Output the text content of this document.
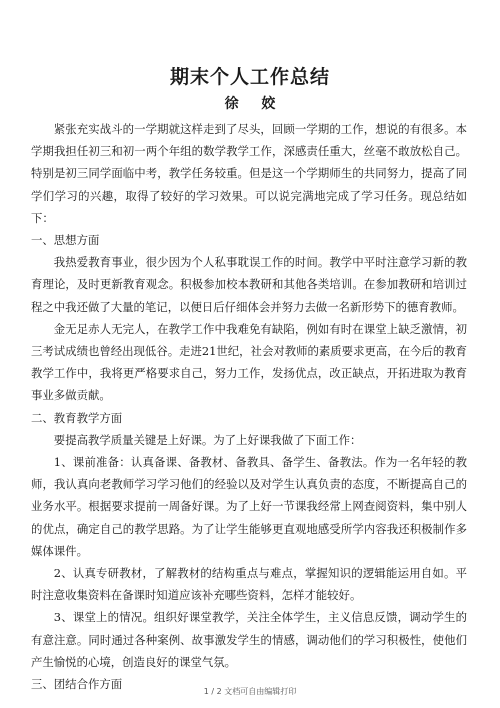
期末个人工作总结
徐 姣

紧张充实战斗的一学期就这样走到了尽头，回顾一学期的工作，想说的有很多。本学期我担任初三和初一两个年组的数学教学工作，深感责任重大，丝毫不敢放松自己。特别是初三同学面临中考，教学任务较重。但是这一个学期师生的共同努力，提高了同学们学习的兴趣，取得了较好的学习效果。可以说完满地完成了学习任务。现总结如下：

一、思想方面

我热爱教育事业，很少因为个人私事耽误工作的时间。教学中平时注意学习新的教育理论，及时更新教育观念。积极参加校本教研和其他各类培训。在参加教研和培训过程之中我还做了大量的笔记，以便日后仔细体会并努力去做一名新形势下的德育教师。

金无足赤人无完人，在教学工作中我难免有缺陷，例如有时在课堂上缺乏激情，初三考试成绩也曾经出现低谷。走进21世纪，社会对教师的素质要求更高，在今后的教育教学工作中，我将更严格要求自己，努力工作，发扬优点，改正缺点，开拓进取为教育事业多做贡献。

二、教育教学方面

要提高教学质量关键是上好课。为了上好课我做了下面工作：

1、课前准备：认真备课、备教材、备教具、备学生、备教法。作为一名年轻的教师，我认真向老教师学习学习他们的经验以及对学生认真负责的态度，不断提高自己的业务水平。根据要求提前一周备好课。为了上好一节课我经常上网查阅资料，集中别人的优点，确定自己的教学思路。为了让学生能够更直观地感受所学内容我还积极制作多媒体课件。

2、认真专研教材，了解教材的结构重点与难点，掌握知识的逻辑能运用自如。平时注意收集资料在备课时知道应该补充哪些资料，怎样才能较好。

3、课堂上的情况。组织好课堂教学，关注全体学生，主义信息反馈，调动学生的有意注意。同时通过各种案例、故事激发学生的情感，调动他们的学习积极性，使他们产生愉悦的心境，创造良好的课堂气氛。

三、团结合作方面

1 / 2 文档可自由编辑打印
